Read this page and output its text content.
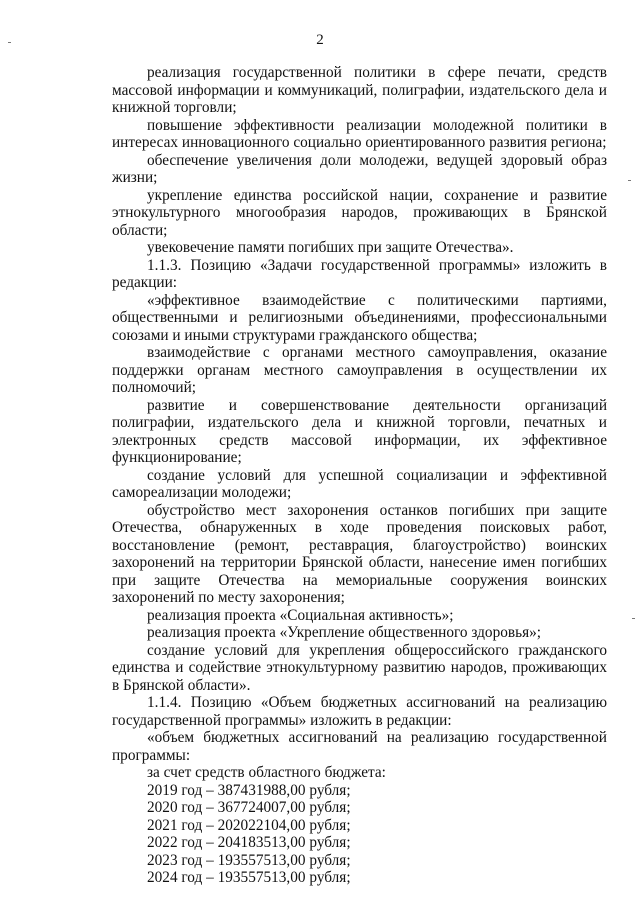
2

реализация государственной политики в сфере печати, средств массовой информации и коммуникаций, полиграфии, издательского дела и книжной торговли;

повышение эффективности реализации молодежной политики в интересах инновационного социально ориентированного развития региона;

обеспечение увеличения доли молодежи, ведущей здоровый образ жизни;

укрепление единства российской нации, сохранение и развитие этнокультурного многообразия народов, проживающих в Брянской области;

увековечение памяти погибших при защите Отечества».

1.1.3. Позицию «Задачи государственной программы» изложить в редакции:

«эффективное взаимодействие с политическими партиями, общественными и религиозными объединениями, профессиональными союзами и иными структурами гражданского общества;

взаимодействие с органами местного самоуправления, оказание поддержки органам местного самоуправления в осуществлении их полномочий;

развитие и совершенствование деятельности организаций полиграфии, издательского дела и книжной торговли, печатных и электронных средств массовой информации, их эффективное функционирование;

создание условий для успешной социализации и эффективной самореализации молодежи;

обустройство мест захоронения останков погибших при защите Отечества, обнаруженных в ходе проведения поисковых работ, восстановление (ремонт, реставрация, благоустройство) воинских захоронений на территории Брянской области, нанесение имен погибших при защите Отечества на мемориальные сооружения воинских захоронений по месту захоронения;

реализация проекта «Социальная активность»;

реализация проекта «Укрепление общественного здоровья»;

создание условий для укрепления общероссийского гражданского единства и содействие этнокультурному развитию народов, проживающих в Брянской области».

1.1.4. Позицию «Объем бюджетных ассигнований на реализацию государственной программы» изложить в редакции:

«объем бюджетных ассигнований на реализацию государственной программы:

за счет средств областного бюджета:

2019 год – 387431988,00 рубля;

2020 год – 367724007,00 рубля;

2021 год – 202022104,00 рубля;

2022 год – 204183513,00 рубля;

2023 год – 193557513,00 рубля;

2024 год – 193557513,00 рубля;
